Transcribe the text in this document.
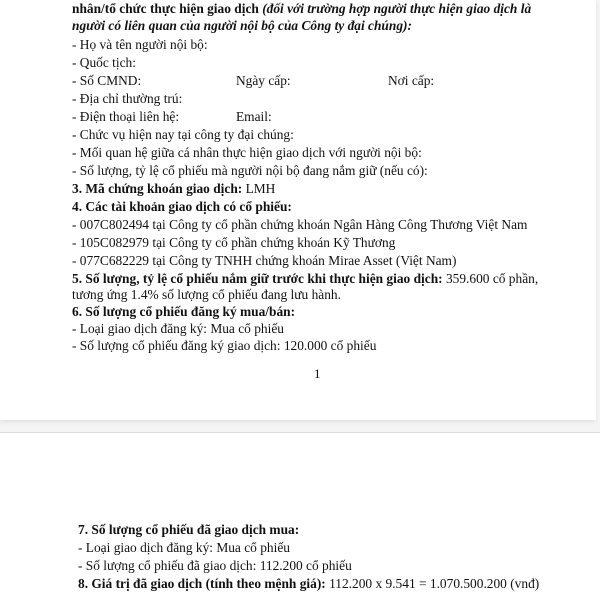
nhân/tổ chức thực hiện giao dịch (đối với trường hợp người thực hiện giao dịch là
người có liên quan của người nội bộ của Công ty đại chúng):
- Họ và tên người nội bộ:
- Quốc tịch:
- Số CMND:	Ngày cấp:	Nơi cấp:
- Địa chỉ thường trú:
- Điện thoại liên hệ:	Email:
- Chức vụ hiện nay tại công ty đại chúng:
- Mối quan hệ giữa cá nhân thực hiện giao dịch với người nội bộ:
- Số lượng, tỷ lệ cổ phiếu mà người nội bộ đang nắm giữ (nếu có):
3. Mã chứng khoán giao dịch: LMH
4. Các tài khoản giao dịch có cổ phiếu:
- 007C802494 tại Công ty cổ phần chứng khoán Ngân Hàng Công Thương Việt Nam
- 105C082979 tại Công ty cổ phần chứng khoán Kỹ Thương
- 077C682229 tại Công ty TNHH chứng khoán Mirae Asset (Việt Nam)
5. Số lượng, tỷ lệ cổ phiếu nắm giữ trước khi thực hiện giao dịch: 359.600 cổ phần,
tương ứng 1.4% số lượng cổ phiếu đang lưu hành.
6. Số lượng cổ phiếu đăng ký mua/bán:
- Loại giao dịch đăng ký: Mua cổ phiếu
- Số lượng cổ phiếu đăng ký giao dịch: 120.000 cổ phiếu
1
7. Số lượng cổ phiếu đã giao dịch mua:
- Loại giao dịch đăng ký: Mua cổ phiếu
- Số lượng cổ phiếu đã giao dịch: 112.200 cổ phiếu
8. Giá trị đã giao dịch (tính theo mệnh giá): 112.200 x 9.541 = 1.070.500.200 (vnđ)
